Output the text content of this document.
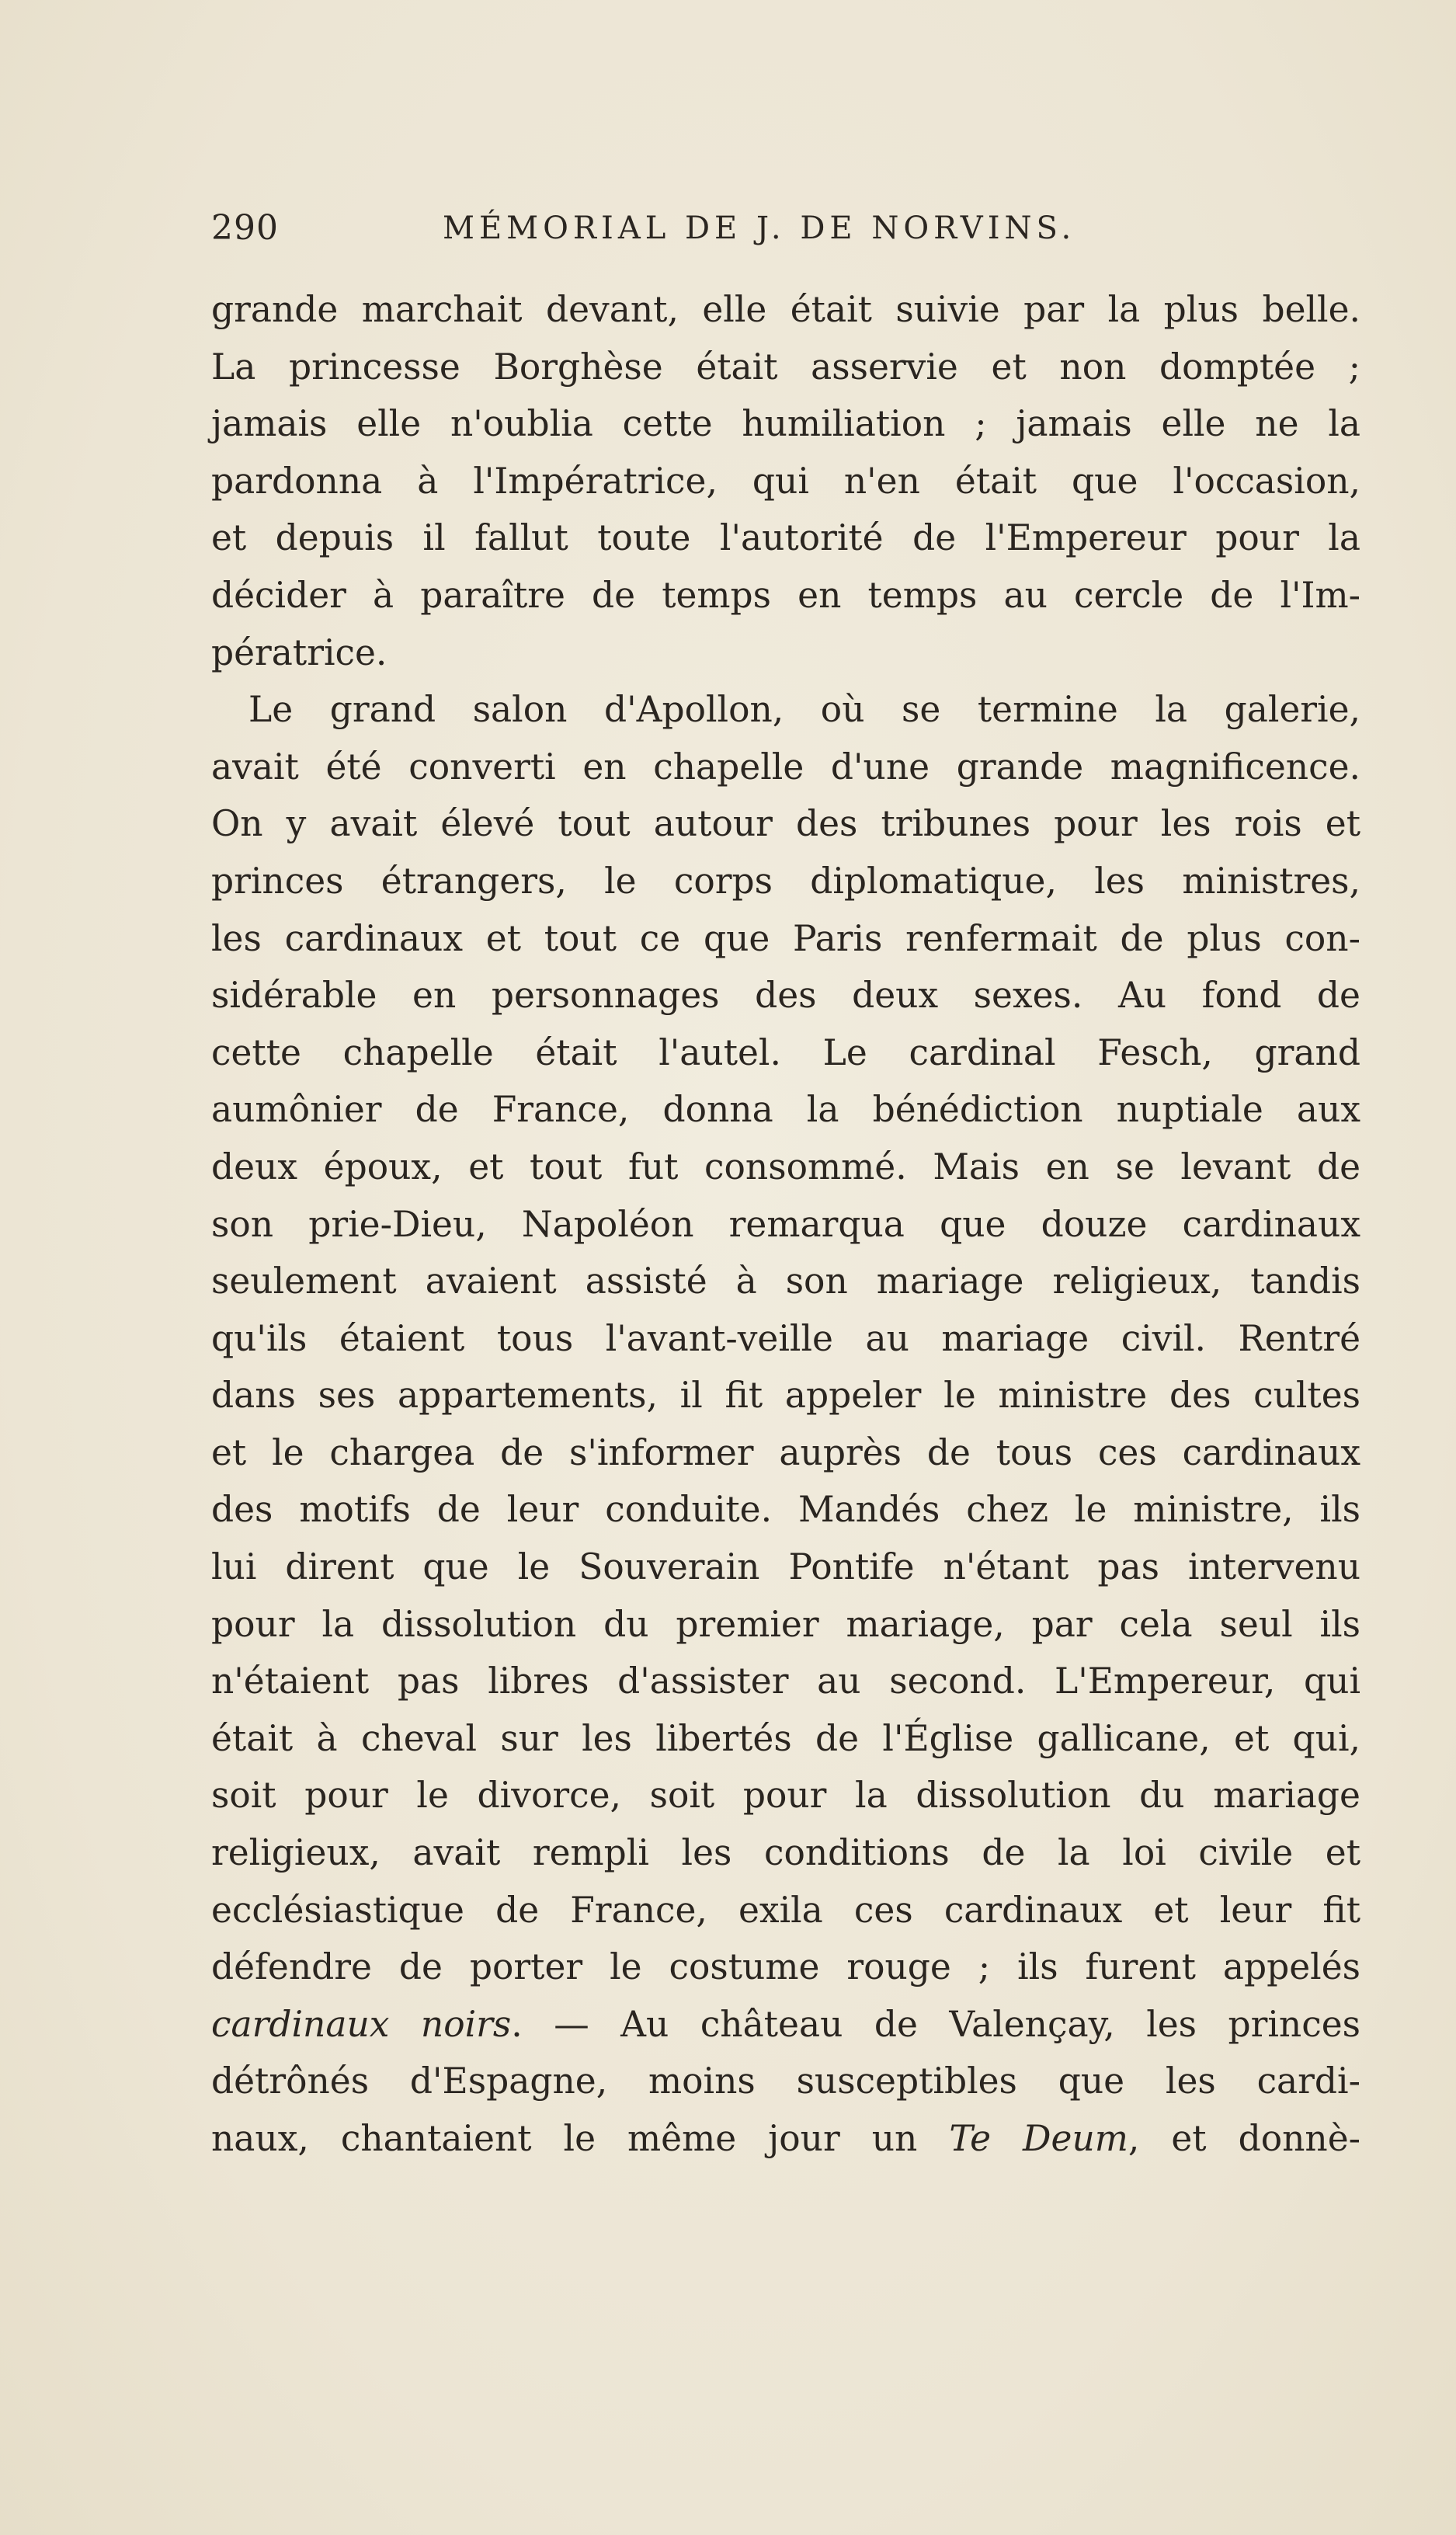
290	MÉMORIAL DE J. DE NORVINS.
grande marchait devant, elle était suivie par la plus belle.
La princesse Borghèse était asservie et non domptée ;
jamais elle n'oublia cette humiliation ; jamais elle ne la
pardonna à l'Impératrice, qui n'en était que l'occasion,
et depuis il fallut toute l'autorité de l'Empereur pour la
décider à paraître de temps en temps au cercle de l'Im-
pératrice.
Le grand salon d'Apollon, où se termine la galerie,
avait été converti en chapelle d'une grande magnificence.
On y avait élevé tout autour des tribunes pour les rois et
princes étrangers, le corps diplomatique, les ministres,
les cardinaux et tout ce que Paris renfermait de plus con-
sidérable en personnages des deux sexes. Au fond de
cette chapelle était l'autel. Le cardinal Fesch, grand
aumônier de France, donna la bénédiction nuptiale aux
deux époux, et tout fut consommé. Mais en se levant de
son prie-Dieu, Napoléon remarqua que douze cardinaux
seulement avaient assisté à son mariage religieux, tandis
qu'ils étaient tous l'avant-veille au mariage civil. Rentré
dans ses appartements, il fit appeler le ministre des cultes
et le chargea de s'informer auprès de tous ces cardinaux
des motifs de leur conduite. Mandés chez le ministre, ils
lui dirent que le Souverain Pontife n'étant pas intervenu
pour la dissolution du premier mariage, par cela seul ils
n'étaient pas libres d'assister au second. L'Empereur, qui
était à cheval sur les libertés de l'Église gallicane, et qui,
soit pour le divorce, soit pour la dissolution du mariage
religieux, avait rempli les conditions de la loi civile et
ecclésiastique de France, exila ces cardinaux et leur fit
défendre de porter le costume rouge ; ils furent appelés
cardinaux noirs. — Au château de Valençay, les princes
détrônés d'Espagne, moins susceptibles que les cardi-
naux, chantaient le même jour un Te Deum, et donnè-
